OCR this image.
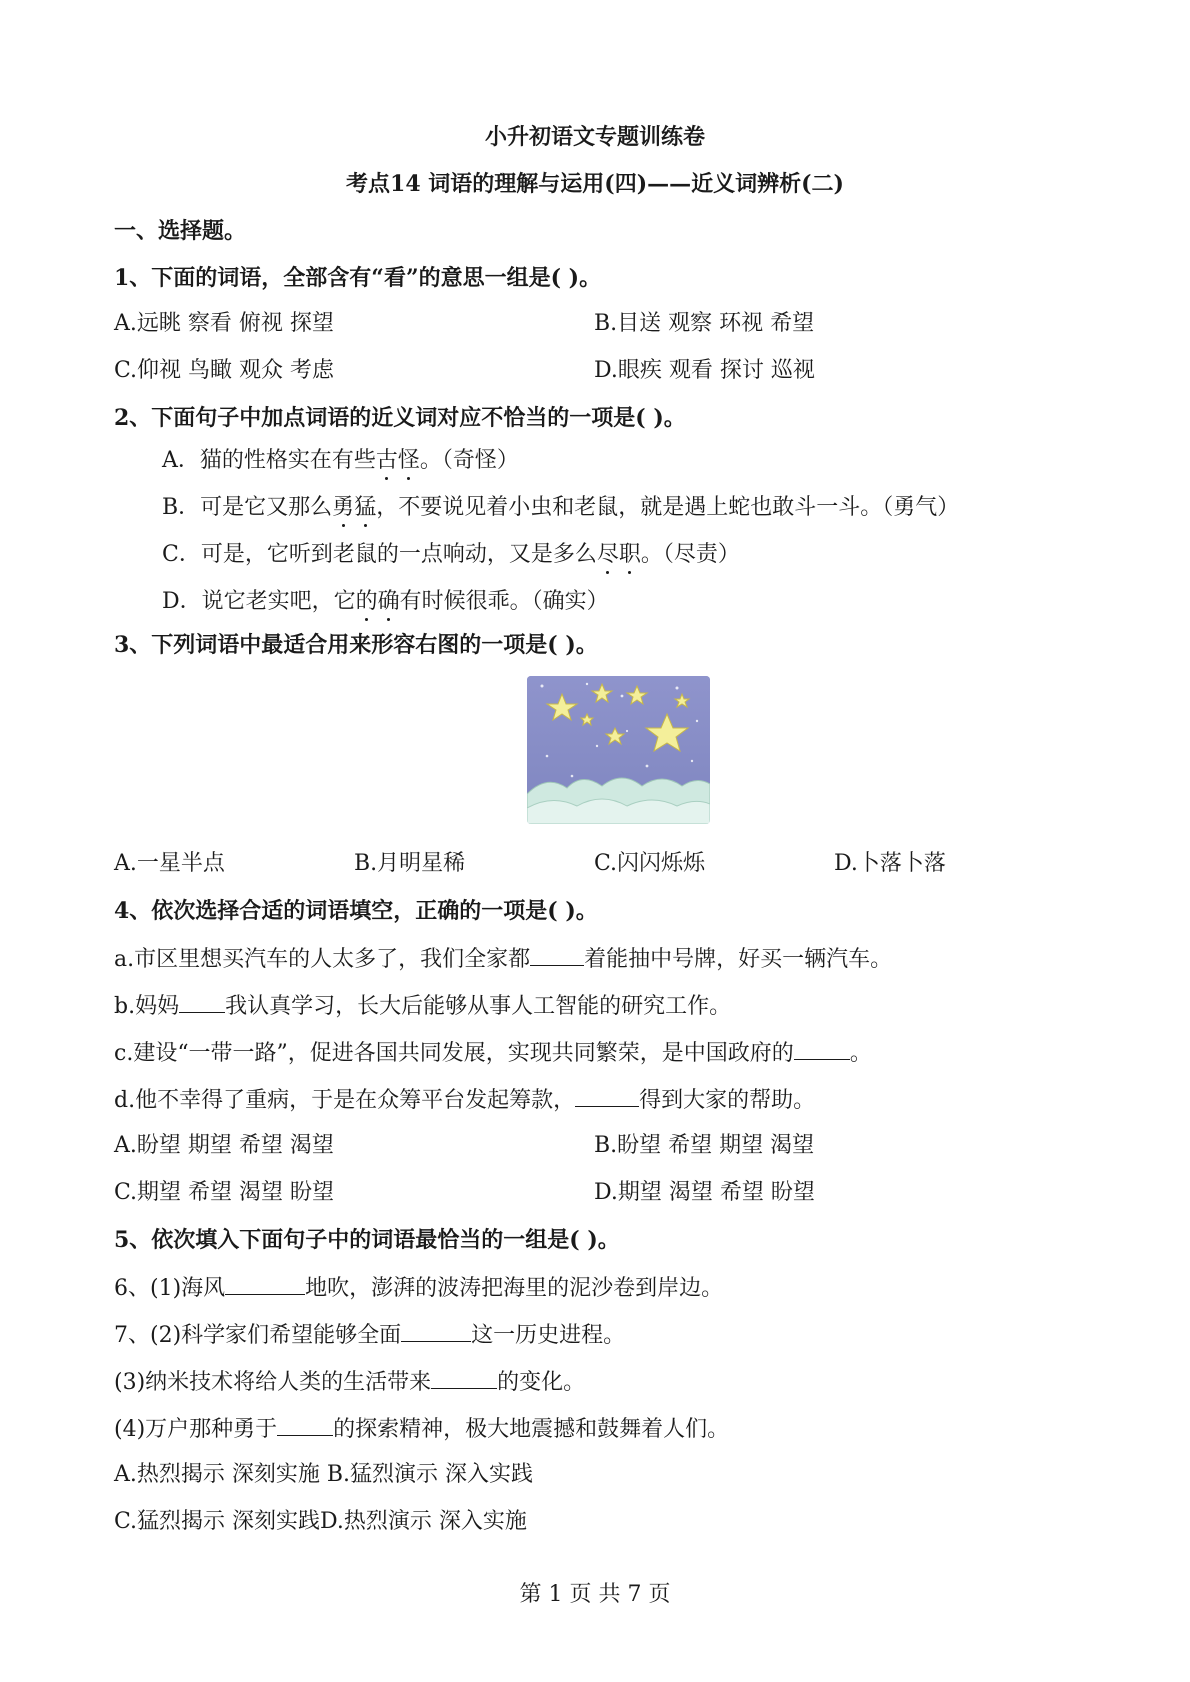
小升初语文专题训练卷
考点14 词语的理解与运用(四)——近义词辨析(二)
一、选择题。
1、下面的词语，全部含有“看”的意思一组是( )。
A.远眺 察看 俯视 探望	B.目送 观察 环视 希望
C.仰视 鸟瞰 观众 考虑	D.眼疾 观看 探讨 巡视
2、下面句子中加点词语的近义词对应不恰当的一项是( )。
A．猫的性格实在有些古怪。（奇怪）
B．可是它又那么勇猛，不要说见着小虫和老鼠，就是遇上蛇也敢斗一斗。（勇气）
C．可是，它听到老鼠的一点响动，又是多么尽职。（尽责）
D．说它老实吧，它的确有时候很乖。（确实）
3、下列词语中最适合用来形容右图的一项是( )。
A.一星半点	B.月明星稀	C.闪闪烁烁	D.卜落卜落
4、依次选择合适的词语填空，正确的一项是( )。
a.市区里想买汽车的人太多了，我们全家都 着能抽中号牌，好买一辆汽车。
b.妈妈 我认真学习，长大后能够从事人工智能的研究工作。
c.建设“一带一路”，促进各国共同发展，实现共同繁荣，是中国政府的	。
d.他不幸得了重病，于是在众筹平台发起筹款，	得到大家的帮助。
A.盼望 期望 希望 渴望	B.盼望 希望 期望 渴望
C.期望 希望 渴望 盼望	D.期望 渴望 希望 盼望
5、依次填入下面句子中的词语最恰当的一组是( )。
6、(1)海风	地吹，澎湃的波涛把海里的泥沙卷到岸边。
7、(2)科学家们希望能够全面	这一历史进程。
(3)纳米技术将给人类的生活带来	的变化。
(4)万户那种勇于	的探索精神，极大地震撼和鼓舞着人们。
A.热烈揭示 深刻实施 B.猛烈演示 深入实践
C.猛烈揭示 深刻实践D.热烈演示 深入实施
第 1 页 共 7 页
